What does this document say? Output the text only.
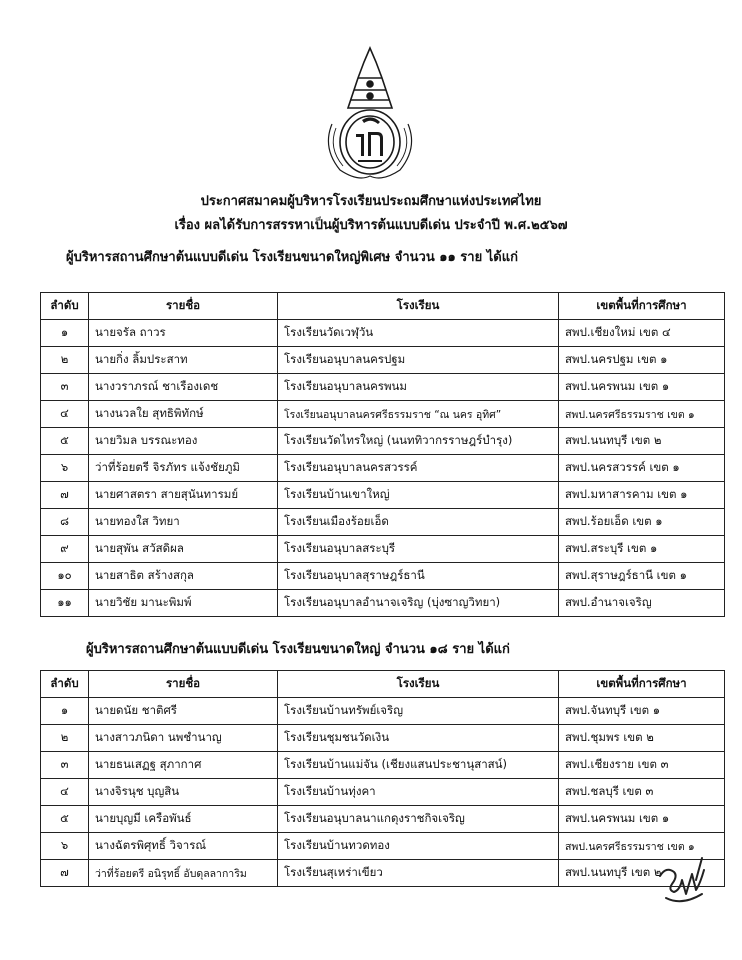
ประกาศสมาคมผู้บริหารโรงเรียนประถมศึกษาแห่งประเทศไทย
เรื่อง ผลได้รับการสรรหาเป็นผู้บริหารต้นแบบดีเด่น ประจำปี พ.ศ.๒๕๖๗
ผู้บริหารสถานศึกษาต้นแบบดีเด่น โรงเรียนขนาดใหญ่พิเศษ จำนวน ๑๑ ราย ได้แก่
ลำดับ	รายชื่อ	โรงเรียน	เขตพื้นที่การศึกษา
๑	นายจรัล ถาวร	โรงเรียนวัดเวฬุวัน	สพป.เชียงใหม่ เขต ๔
๒	นายกิ่ง ลิ้มประสาท	โรงเรียนอนุบาลนครปฐม	สพป.นครปฐม เขต ๑
๓	นางวราภรณ์ ชาเรืองเดช	โรงเรียนอนุบาลนครพนม	สพป.นครพนม เขต ๑
๔	นางนวลใย สุทธิพิทักษ์	โรงเรียนอนุบาลนครศรีธรรมราช “ณ นคร อุทิศ”	สพป.นครศรีธรรมราช เขต ๑
๕	นายวิมล บรรณะทอง	โรงเรียนวัดไทรใหญ่ (นนททิวากรราษฎร์บำรุง)	สพป.นนทบุรี เขต ๒
๖	ว่าที่ร้อยตรี จิรภัทร แจ้งชัยภูมิ	โรงเรียนอนุบาลนครสวรรค์	สพป.นครสวรรค์ เขต ๑
๗	นายศาสตรา สายสุนันทารมย์	โรงเรียนบ้านเขาใหญ่	สพป.มหาสารคาม เขต ๑
๘	นายทองใส วิทยา	โรงเรียนเมืองร้อยเอ็ด	สพป.ร้อยเอ็ด เขต ๑
๙	นายสุพัน สวัสดิผล	โรงเรียนอนุบาลสระบุรี	สพป.สระบุรี เขต ๑
๑๐	นายสาธิต สร้างสกุล	โรงเรียนอนุบาลสุราษฎร์ธานี	สพป.สุราษฎร์ธานี เขต ๑
๑๑	นายวิชัย มานะพิมพ์	โรงเรียนอนุบาลอำนาจเจริญ (บุ่งซาญวิทยา)	สพป.อำนาจเจริญ
ผู้บริหารสถานศึกษาต้นแบบดีเด่น โรงเรียนขนาดใหญ่ จำนวน ๑๘ ราย ได้แก่
ลำดับ	รายชื่อ	โรงเรียน	เขตพื้นที่การศึกษา
๑	นายดนัย ชาติศรี	โรงเรียนบ้านทรัพย์เจริญ	สพป.จันทบุรี เขต ๑
๒	นางสาวภนิดา นพชำนาญ	โรงเรียนชุมชนวัดเงิน	สพป.ชุมพร เขต ๒
๓	นายธนเสฏฐ สุภากาศ	โรงเรียนบ้านแม่จัน (เชียงแสนประชานุสาสน์)	สพป.เชียงราย เขต ๓
๔	นางจิรนุช บุญสิน	โรงเรียนบ้านทุ่งคา	สพป.ชลบุรี เขต ๓
๕	นายบุญมี เครือพันธ์	โรงเรียนอนุบาลนาแกดุงราชกิจเจริญ	สพป.นครพนม เขต ๑
๖	นางฉัตรพิศุทธิ์ วิจารณ์	โรงเรียนบ้านทวดทอง	สพป.นครศรีธรรมราช เขต ๑
๗	ว่าที่ร้อยตรี อนิรุทธิ์ อับดุลลาการิม	โรงเรียนสุเหร่าเขียว	สพป.นนทบุรี เขต ๒
